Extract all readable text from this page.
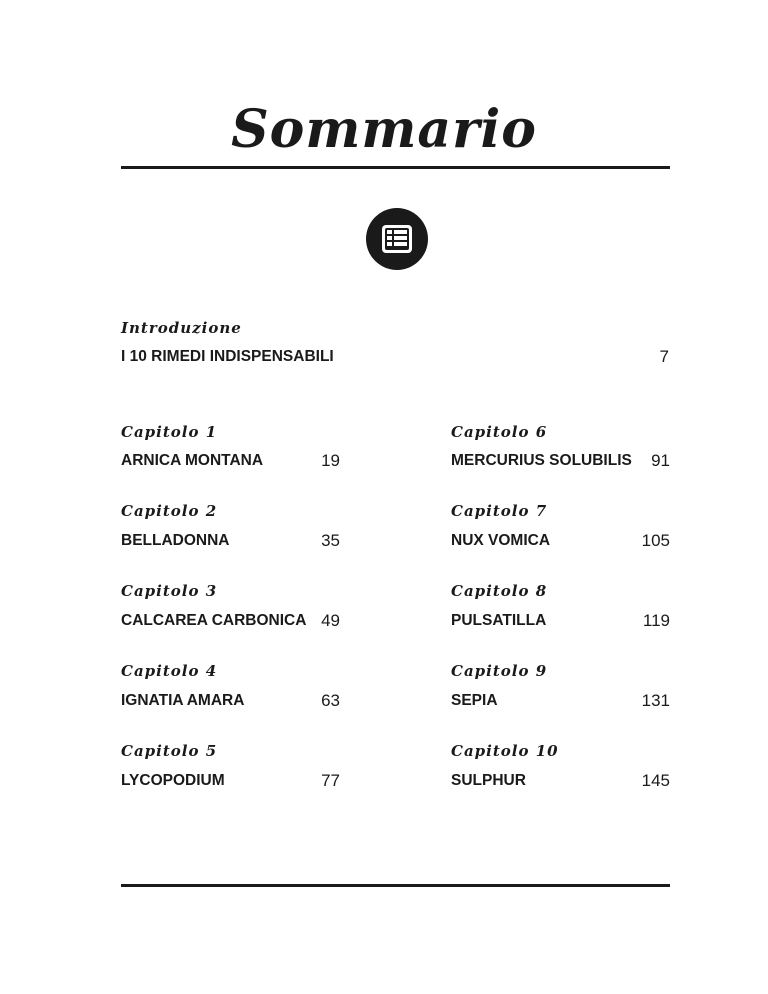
Sommario
Introduzione
I 10 RIMEDI INDISPENSABILI	7
Capitolo 1
ARNICA MONTANA	19
Capitolo 2
BELLADONNA	35
Capitolo 3
CALCAREA CARBONICA 49
Capitolo 4
IGNATIA AMARA	63
Capitolo 5
LYCOPODIUM	77
Capitolo 6
MERCURIUS SOLUBILIS	91
Capitolo 7
NUX VOMICA	105
Capitolo 8
PULSATILLA	119
Capitolo 9
SEPIA	131
Capitolo 10
SULPHUR	145
